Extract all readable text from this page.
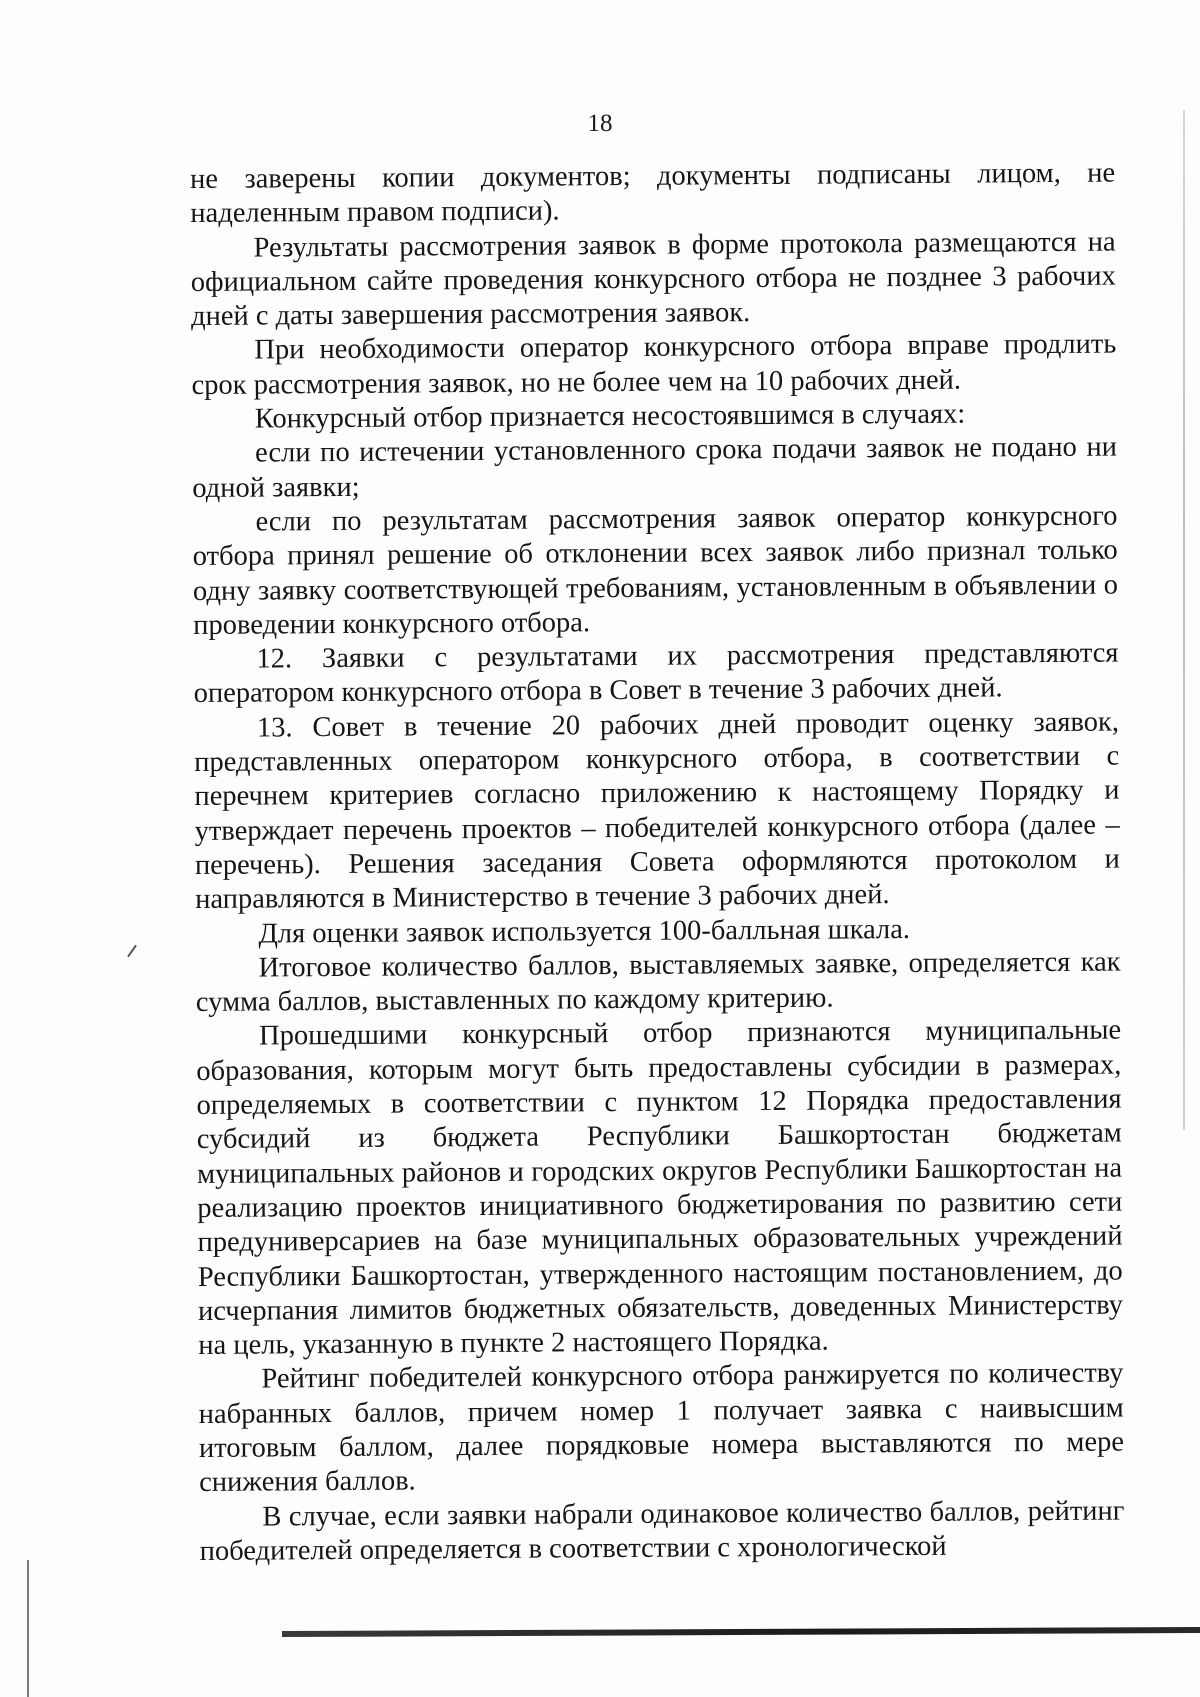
18

не заверены копии документов; документы подписаны лицом, не наделенным правом подписи).

Результаты рассмотрения заявок в форме протокола размещаются на официальном сайте проведения конкурсного отбора не позднее 3 рабочих дней с даты завершения рассмотрения заявок.

При необходимости оператор конкурсного отбора вправе продлить срок рассмотрения заявок, но не более чем на 10 рабочих дней.

Конкурсный отбор признается несостоявшимся в случаях:

если по истечении установленного срока подачи заявок не подано ни одной заявки;

если по результатам рассмотрения заявок оператор конкурсного отбора принял решение об отклонении всех заявок либо признал только одну заявку соответствующей требованиям, установленным в объявлении о проведении конкурсного отбора.

12. Заявки с результатами их рассмотрения представляются оператором конкурсного отбора в Совет в течение 3 рабочих дней.

13. Совет в течение 20 рабочих дней проводит оценку заявок, представленных оператором конкурсного отбора, в соответствии с перечнем критериев согласно приложению к настоящему Порядку и утверждает перечень проектов – победителей конкурсного отбора (далее – перечень). Решения заседания Совета оформляются протоколом и направляются в Министерство в течение 3 рабочих дней.

Для оценки заявок используется 100-балльная шкала.

Итоговое количество баллов, выставляемых заявке, определяется как сумма баллов, выставленных по каждому критерию.

Прошедшими конкурсный отбор признаются муниципальные образования, которым могут быть предоставлены субсидии в размерах, определяемых в соответствии с пунктом 12 Порядка предоставления субсидий из бюджета Республики Башкортостан бюджетам муниципальных районов и городских округов Республики Башкортостан на реализацию проектов инициативного бюджетирования по развитию сети предуниверсариев на базе муниципальных образовательных учреждений Республики Башкортостан, утвержденного настоящим постановлением, до исчерпания лимитов бюджетных обязательств, доведенных Министерству на цель, указанную в пункте 2 настоящего Порядка.

Рейтинг победителей конкурсного отбора ранжируется по количеству набранных баллов, причем номер 1 получает заявка с наивысшим итоговым баллом, далее порядковые номера выставляются по мере снижения баллов.

В случае, если заявки набрали одинаковое количество баллов, рейтинг победителей определяется в соответствии с хронологической
